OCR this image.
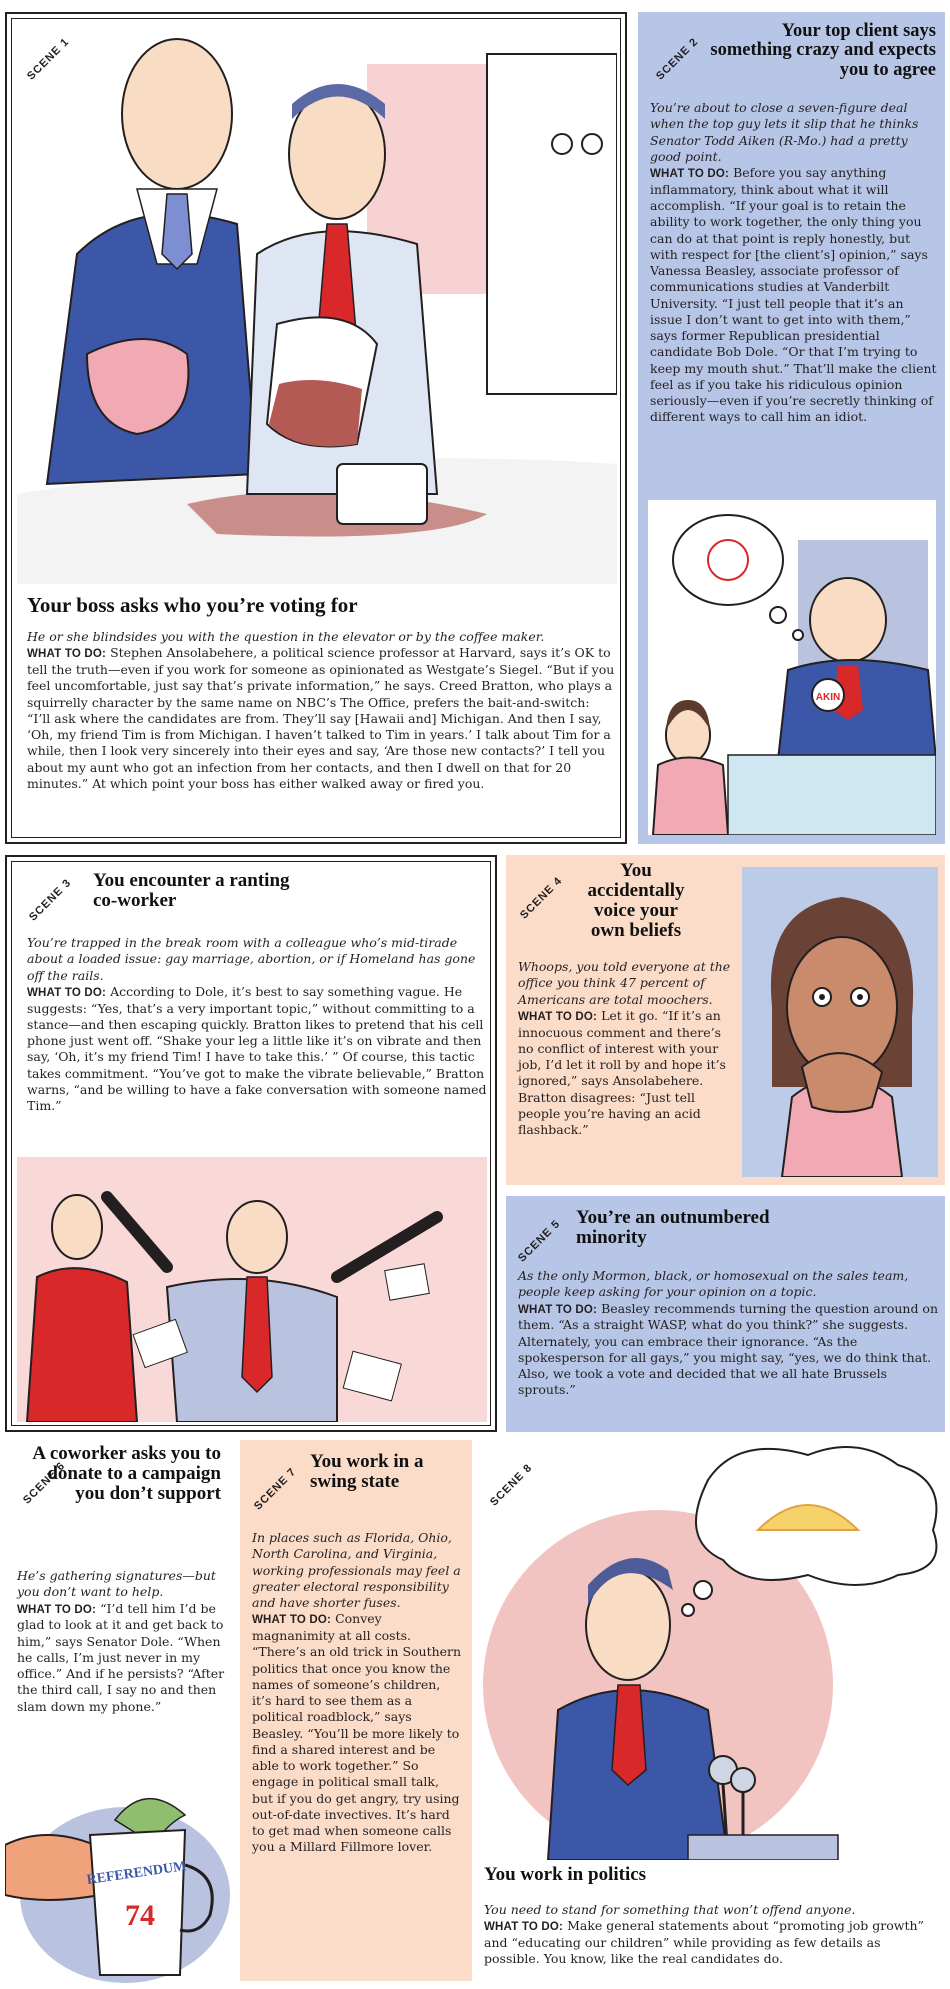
SCENE 1
Your boss asks who you’re voting for
He or she blindsides you with the question in the elevator or by the coffee maker.
WHAT TO DO: Stephen Ansolabehere, a political science professor at Harvard, says it’s OK to tell the truth—even if you work for someone as opinionated as Westgate’s Siegel. “But if you feel uncomfortable, just say that’s private information,” he says. Creed Bratton, who plays a squirrelly character by the same name on NBC’s The Office, prefers the bait-and-switch: “I’ll ask where the candidates are from. They’ll say [Hawaii and] Michigan. And then I say, ‘Oh, my friend Tim is from Michigan. I haven’t talked to Tim in years.’ I talk about Tim for a while, then I look very sincerely into their eyes and say, ‘Are those new contacts?’ I tell you about my aunt who got an infection from her contacts, and then I dwell on that for 20 minutes.” At which point your boss has either walked away or fired you.
SCENE 2
Your top client says something crazy and expects you to agree
You’re about to close a seven-figure deal when the top guy lets it slip that he thinks Senator Todd Aiken (R-Mo.) had a pretty good point.
WHAT TO DO: Before you say anything inflammatory, think about what it will accomplish. “If your goal is to retain the ability to work together, the only thing you can do at that point is reply honestly, but with respect for [the client’s] opinion,” says Vanessa Beasley, associate professor of communications studies at Vanderbilt University. “I just tell people that it’s an issue I don’t want to get into with them,” says former Republican presidential candidate Bob Dole. “Or that I’m trying to keep my mouth shut.” That’ll make the client feel as if you take his ridiculous opinion seriously—even if you’re secretly thinking of different ways to call him an idiot.
AKIN
SCENE 3 You encounter a ranting co-worker
You’re trapped in the break room with a colleague who’s mid-tirade about a loaded issue: gay marriage, abortion, or if Homeland has gone off the rails.
WHAT TO DO: According to Dole, it’s best to say something vague. He suggests: “Yes, that’s a very important topic,” without committing to a stance—and then escaping quickly. Bratton likes to pretend that his cell phone just went off. “Shake your leg a little like it’s on vibrate and then say, ‘Oh, it’s my friend Tim! I have to take this.’ ” Of course, this tactic takes commitment. “You’ve got to make the vibrate believable,” Bratton warns, “and be willing to have a fake conversation with someone named Tim.”
SCENE 4
You accidentally voice your own beliefs
Whoops, you told everyone at the office you think 47 percent of Americans are total moochers.
WHAT TO DO: Let it go. “If it’s an innocuous comment and there’s no conflict of interest with your job, I’d let it roll by and hope it’s ignored,” says Ansolabehere. Bratton disagrees: “Just tell people you’re having an acid flashback.”
SCENE 5
You’re an outnumbered minority
As the only Mormon, black, or homosexual on the sales team, people keep asking for your opinion on a topic.
WHAT TO DO: Beasley recommends turning the question around on them. “As a straight WASP, what do you think?” she suggests. Alternately, you can embrace their ignorance. “As the spokesperson for all gays,” you might say, “yes, we do think that. Also, we took a vote and decided that we all hate Brussels sprouts.”
SCENE 6
A coworker asks you to donate to a campaign you don’t support
He’s gathering signatures—but you don’t want to help.
WHAT TO DO: “I’d tell him I’d be glad to look at it and get back to him,” says Senator Dole. “When he calls, I’m just never in my office.” And if he persists? “After the third call, I say no and then slam down my phone.”
REFERENDUM
74
SCENE 7
You work in a swing state
In places such as Florida, Ohio, North Carolina, and Virginia, working professionals may feel a greater electoral responsibility and have shorter fuses.
WHAT TO DO: Convey magnanimity at all costs. “There’s an old trick in Southern politics that once you know the names of someone’s children, it’s hard to see them as a political roadblock,” says Beasley. “You’ll be more likely to find a shared interest and be able to work together.” So engage in political small talk, but if you do get angry, try using out-of-date invectives. It’s hard to get mad when someone calls you a Millard Fillmore lover.
SCENE 8
You work in politics
You need to stand for something that won’t offend anyone.
WHAT TO DO: Make general statements about “promoting job growth” and “educating our children” while providing as few details as possible. You know, like the real candidates do.
